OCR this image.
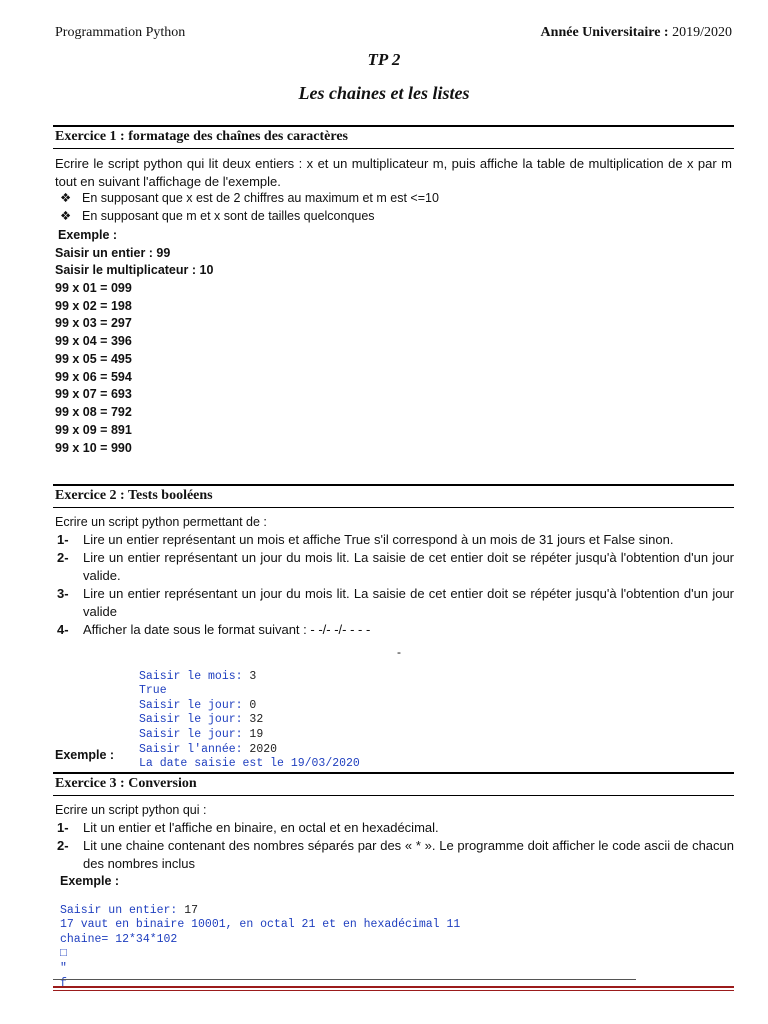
Programmation Python	Année Universitaire : 2019/2020
TP 2
Les chaines et les listes
Exercice 1 : formatage des chaînes des caractères
Ecrire le script python qui lit deux entiers : x et un multiplicateur m, puis affiche la table de multiplication de x par m tout en suivant l'affichage de l'exemple.
❖ En supposant que x est de 2 chiffres au maximum et m est <=10
❖ En supposant que m et x sont de tailles quelconques
Exemple :
Saisir un entier : 99
Saisir le multiplicateur : 10
99 x 01 = 099
99 x 02 = 198
99 x 03 = 297
99 x 04 = 396
99 x 05 = 495
99 x 06 = 594
99 x 07 = 693
99 x 08 = 792
99 x 09 = 891
99 x 10 = 990
Exercice 2 : Tests booléens
Ecrire un script python permettant de :
1- Lire un entier représentant un mois et affiche True s'il correspond à un mois de 31 jours et False sinon.
2- Lire un entier représentant un jour du mois lit. La saisie de cet entier doit se répéter jusqu'à l'obtention d'un jour valide.
3- Lire un entier représentant un jour du mois lit. La saisie de cet entier doit se répéter jusqu'à l'obtention d'un jour valide
4- Afficher la date sous le format suivant : - -/- -/- - - -
-

Saisir le mois: 3
True
Saisir le jour: 0
Saisir le jour: 32
Saisir le jour: 19
Saisir l'année: 2020
La date saisie est le 19/03/2020

Exemple :
Exercice 3 : Conversion
Ecrire un script python qui :
1- Lit un entier et l'affiche en binaire, en octal et en hexadécimal.
2- Lit une chaine contenant des nombres séparés par des « * ». Le programme doit afficher le code ascii de chacun des nombres inclus
Exemple :

Saisir un entier: 17
17 vaut en binaire 10001, en octal 21 et en hexadécimal 11
chaine= 12*34*102
□
"
f
